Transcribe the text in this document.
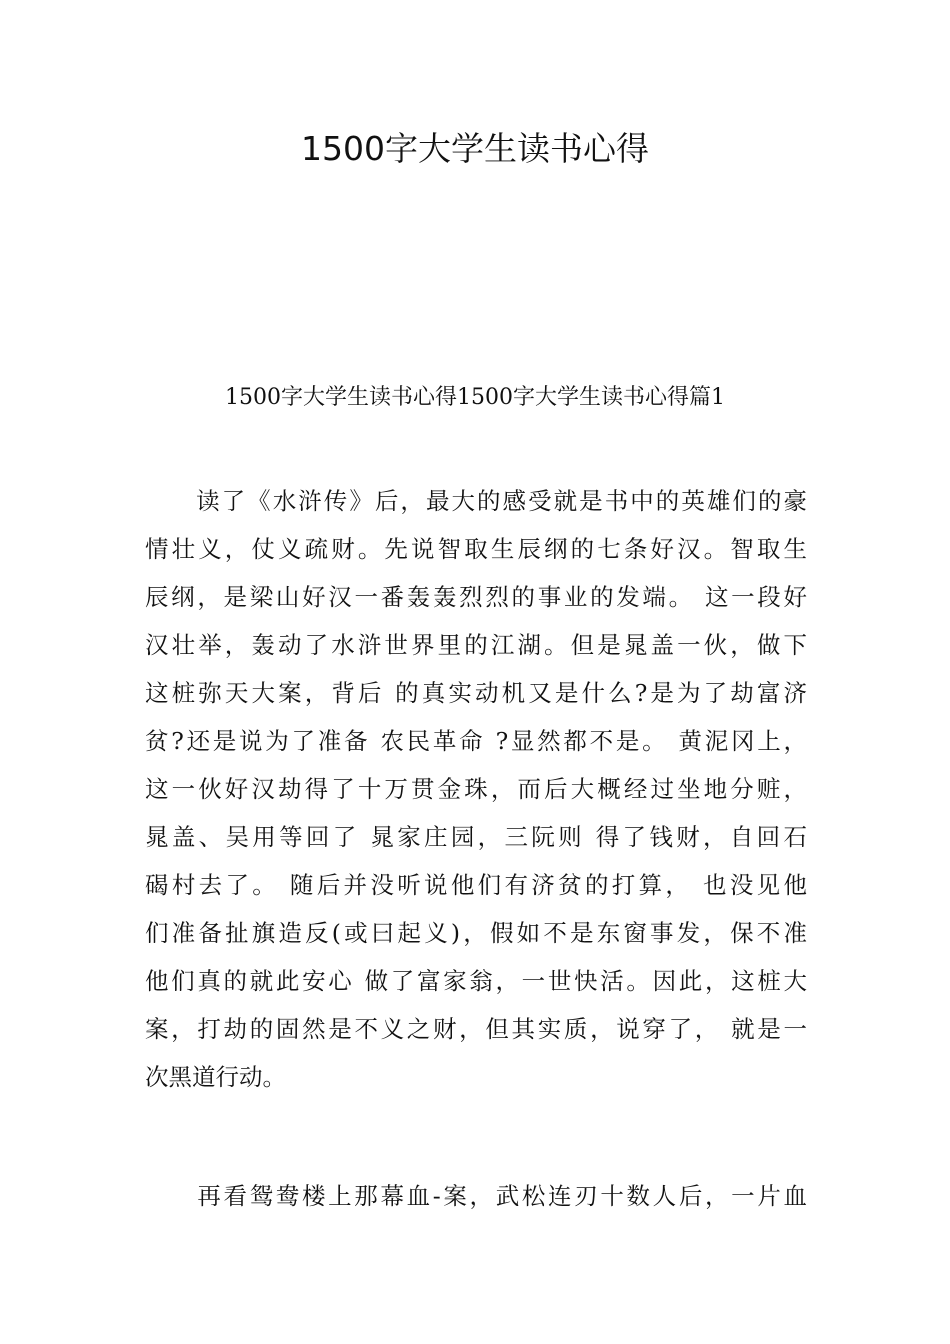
1500字大学生读书心得
1500字大学生读书心得1500字大学生读书心得篇1
　　读了《水浒传》后，最大的感受就是书中的英雄们的豪
情壮义，仗义疏财。先说智取生辰纲的七条好汉。智取生
辰纲，是梁山好汉一番轰轰烈烈的事业的发端。 这一段好
汉壮举，轰动了水浒世界里的江湖。但是晁盖一伙，做下
这桩弥天大案，背后 的真实动机又是什么?是为了劫富济
贫?还是说为了准备 农民革命 ?显然都不是。 黄泥冈上，
这一伙好汉劫得了十万贯金珠，而后大概经过坐地分赃，
晁盖、吴用等回了 晁家庄园，三阮则 得了钱财，自回石
碣村去了。 随后并没听说他们有济贫的打算， 也没见他
们准备扯旗造反(或曰起义)，假如不是东窗事发，保不准
他们真的就此安心 做了富家翁，一世快活。因此，这桩大
案，打劫的固然是不义之财，但其实质，说穿了， 就是一
次黑道行动。
　　再看鸳鸯楼上那幕血-案，武松连刃十数人后，一片血
